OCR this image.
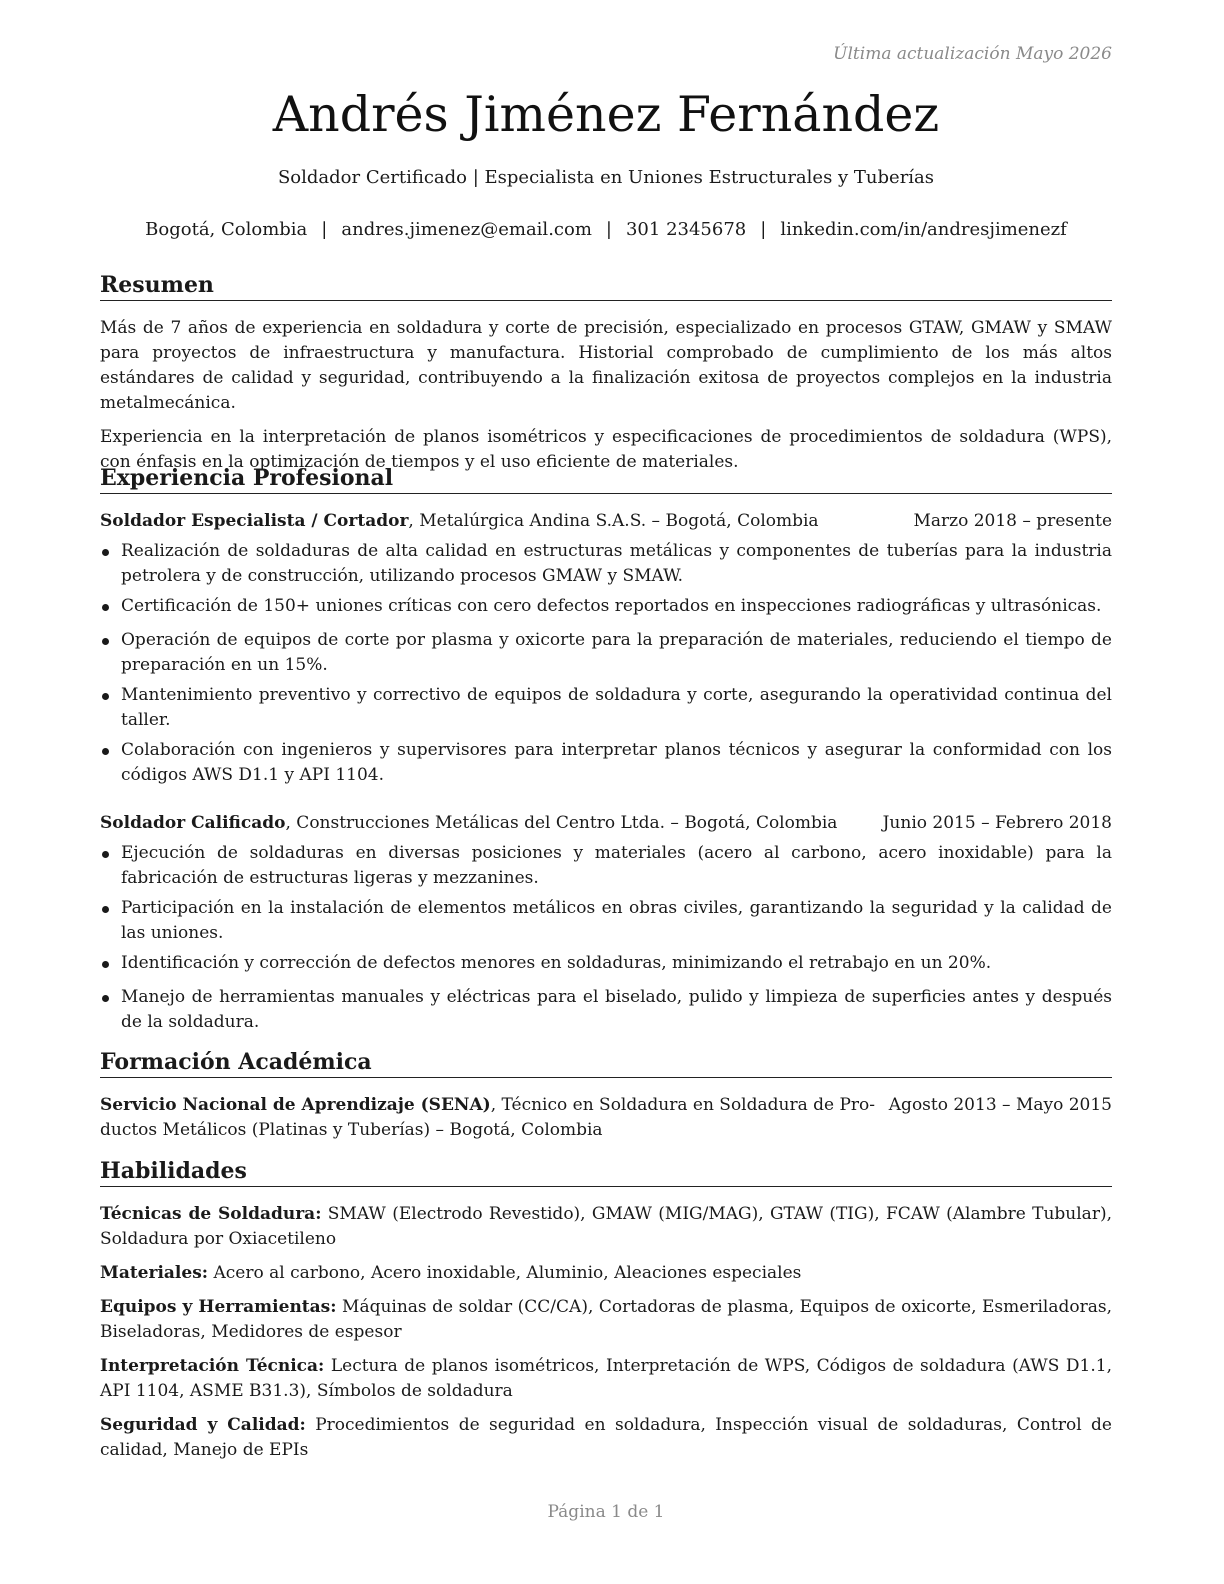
Última actualización Mayo 2026
Andrés Jiménez Fernández
Soldador Certificado | Especialista en Uniones Estructurales y Tuberías
Bogotá, Colombia | andres.jimenez@email.com | 301 2345678 | linkedin.com/in/andresjimenezf
Resumen

Más de 7 años de experiencia en soldadura y corte de precisión, especializado en procesos GTAW, GMAW y SMAW para proyectos de infraestructura y manufactura. Historial comprobado de cumplimiento de los más altos estándares de calidad y seguridad, contribuyendo a la finalización exitosa de proyectos complejos en la industria metalmecánica.

Experiencia en la interpretación de planos isométricos y especificaciones de procedimientos de soldadura (WPS), con énfasis en la optimización de tiempos y el uso eficiente de materiales.

Experiencia Profesional
Soldador Especialista / Cortador, Metalúrgica Andina S.A.S. – Bogotá, Colombia	Marzo 2018 – presente
Realización de soldaduras de alta calidad en estructuras metálicas y componentes de tuberías para la industria petrolera y de construcción, utilizando procesos GMAW y SMAW.
Certificación de 150+ uniones críticas con cero defectos reportados en inspecciones radiográficas y ultrasónicas.
Operación de equipos de corte por plasma y oxicorte para la preparación de materiales, reduciendo el tiempo de preparación en un 15%.
Mantenimiento preventivo y correctivo de equipos de soldadura y corte, asegurando la operatividad continua del taller.
Colaboración con ingenieros y supervisores para interpretar planos técnicos y asegurar la conformidad con los códigos AWS D1.1 y API 1104.
Soldador Calificado, Construcciones Metálicas del Centro Ltda. – Bogotá, Colombia	Junio 2015 – Febrero 2018
Ejecución de soldaduras en diversas posiciones y materiales (acero al carbono, acero inoxidable) para la fabricación de estructuras ligeras y mezzanines.
Participación en la instalación de elementos metálicos en obras civiles, garantizando la seguridad y la calidad de las uniones.
Identificación y corrección de defectos menores en soldaduras, minimizando el retrabajo en un 20%.
Manejo de herramientas manuales y eléctricas para el biselado, pulido y limpieza de superficies antes y después de la soldadura.
Formación Académica
Servicio Nacional de Aprendizaje (SENA), Técnico en Soldadura en Soldadura de Pro-
ductos Metálicos (Platinas y Tuberías) – Bogotá, Colombia
Agosto 2013 – Mayo 2015
Habilidades

Técnicas de Soldadura: SMAW (Electrodo Revestido), GMAW (MIG/MAG), GTAW (TIG), FCAW (Alambre Tubular), Soldadura por Oxiacetileno

Materiales: Acero al carbono, Acero inoxidable, Aluminio, Aleaciones especiales

Equipos y Herramientas: Máquinas de soldar (CC/CA), Cortadoras de plasma, Equipos de oxicorte, Esmeriladoras, Biseladoras, Medidores de espesor

Interpretación Técnica: Lectura de planos isométricos, Interpretación de WPS, Códigos de soldadura (AWS D1.1, API 1104, ASME B31.3), Símbolos de soldadura

Seguridad y Calidad: Procedimientos de seguridad en soldadura, Inspección visual de soldaduras, Control de calidad, Manejo de EPIs

Página 1 de 1
